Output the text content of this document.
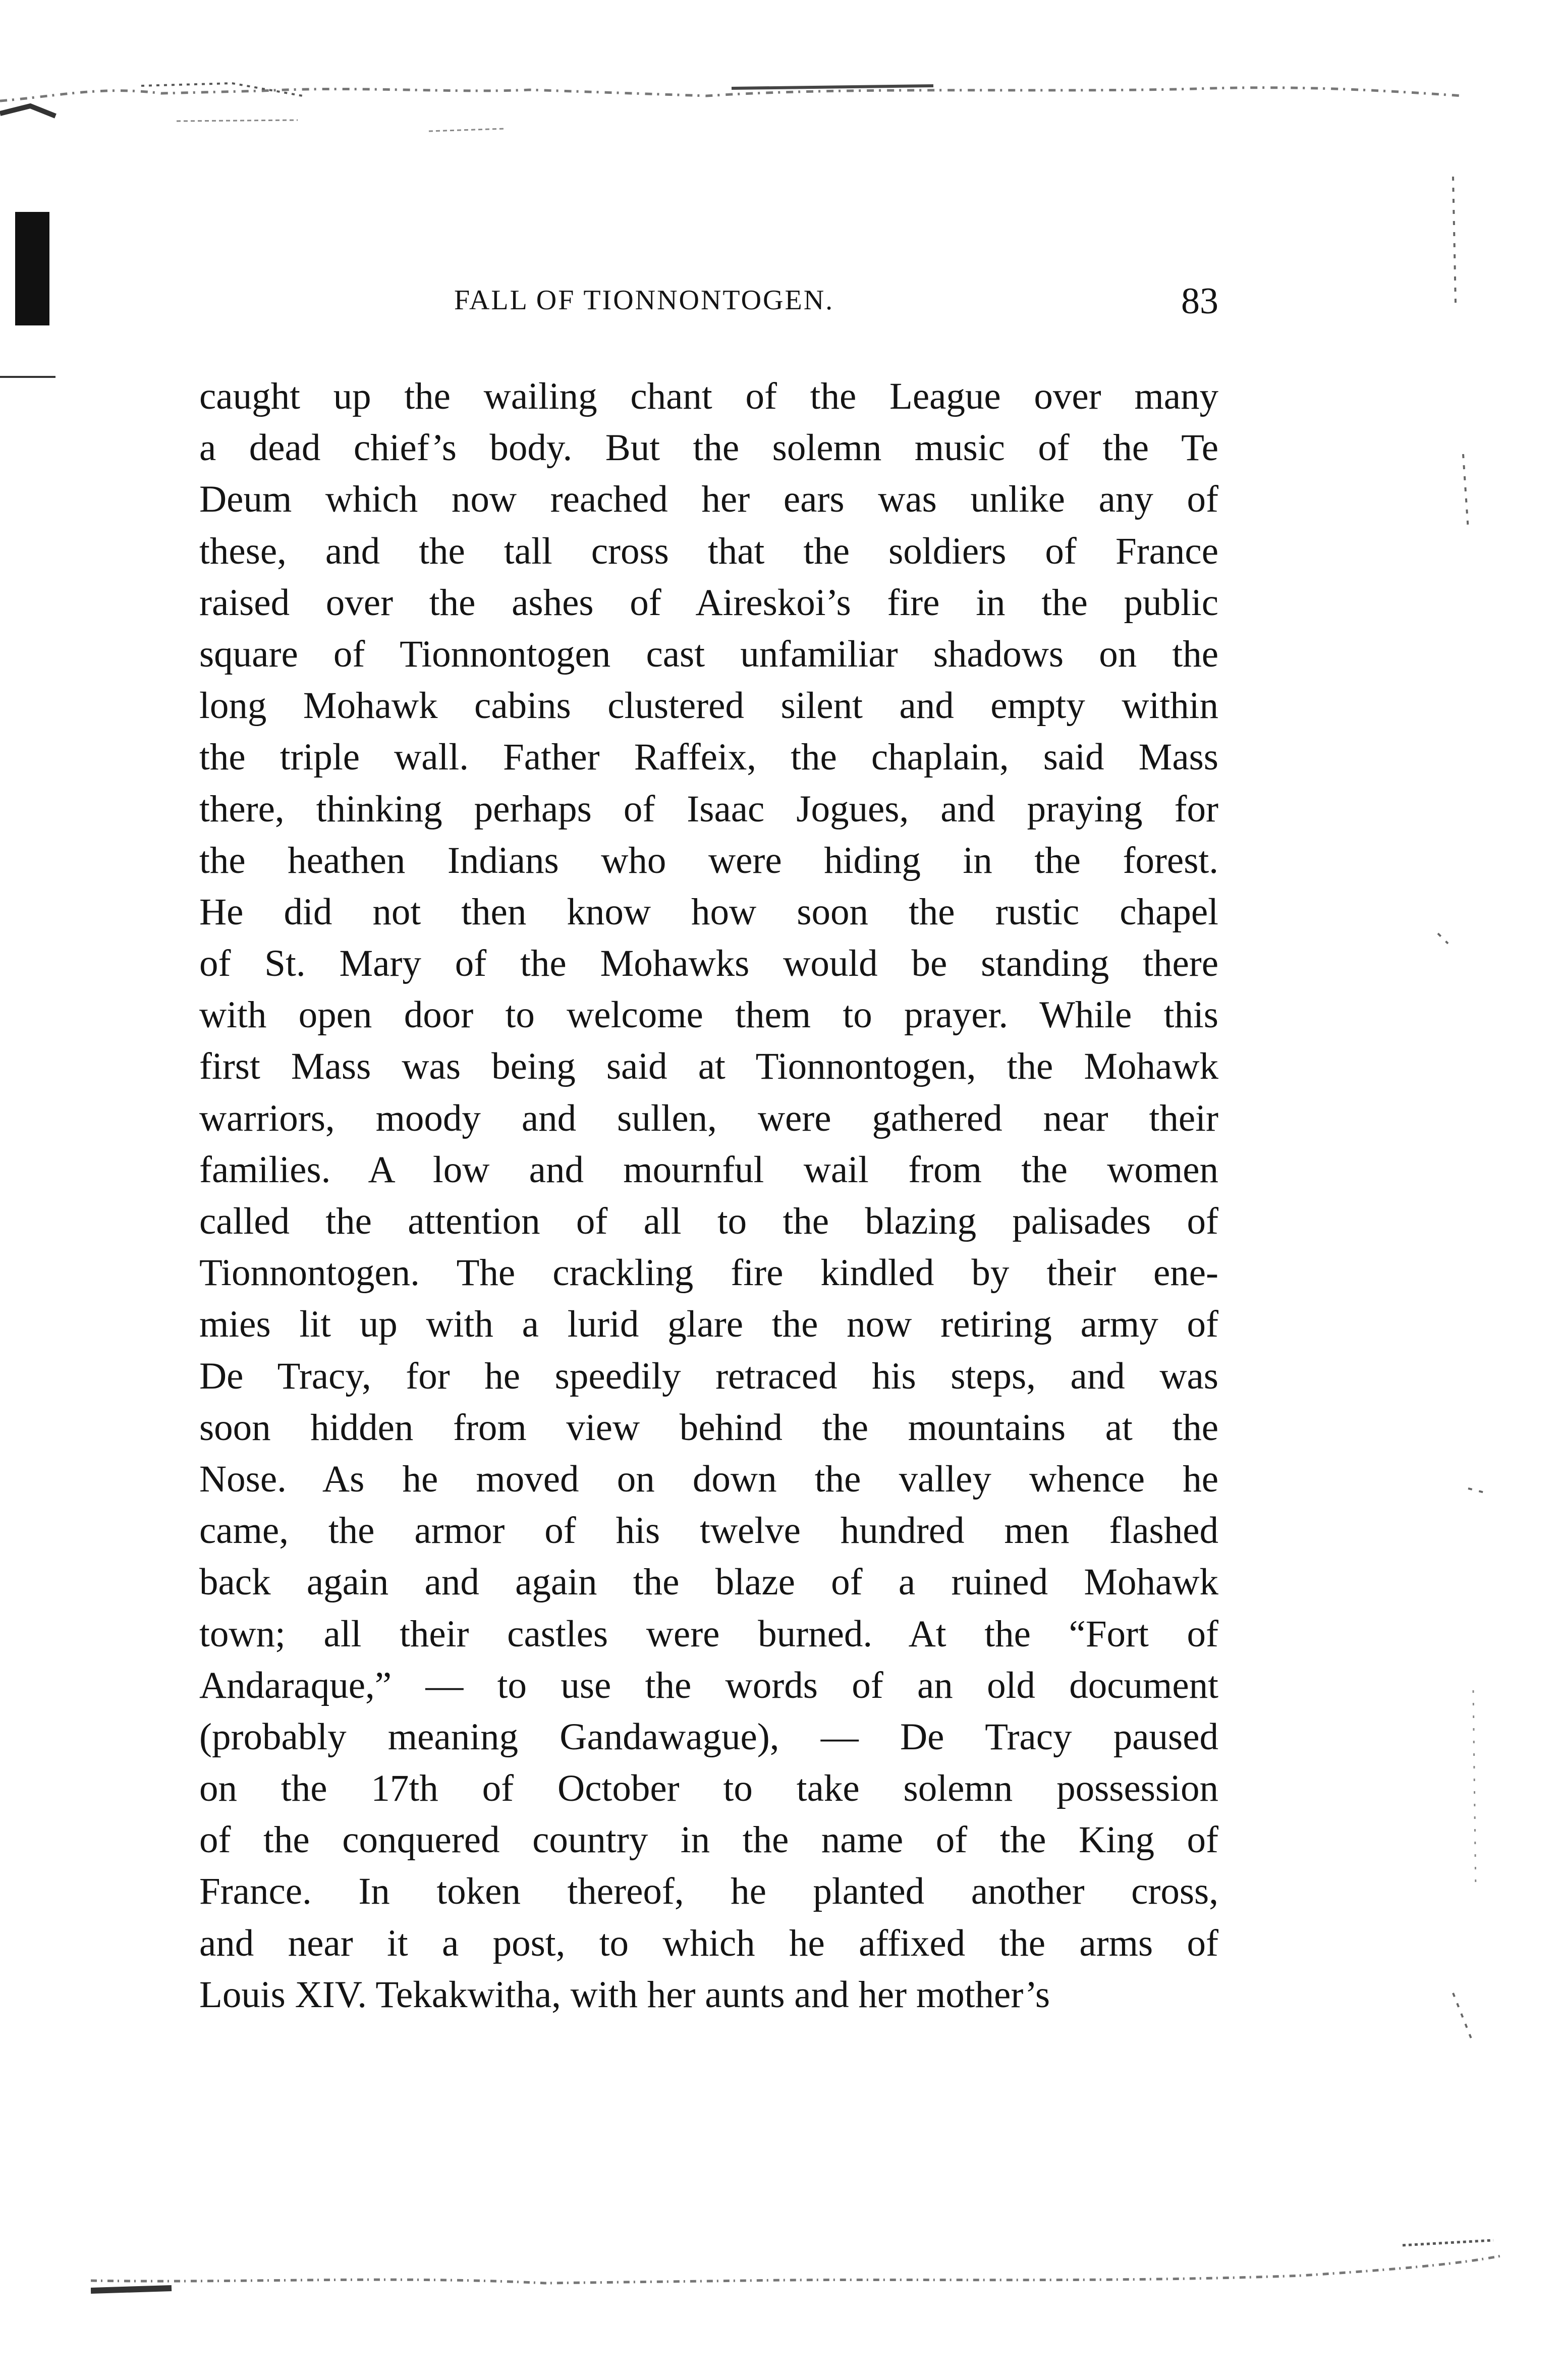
FALL OF TIONNONTOGEN.	83
caught up the wailing chant of the League over many
a dead chief’s body. But the solemn music of the Te
Deum which now reached her ears was unlike any of
these, and the tall cross that the soldiers of France
raised over the ashes of Aireskoi’s fire in the public
square of Tionnontogen cast unfamiliar shadows on the
long Mohawk cabins clustered silent and empty within
the triple wall. Father Raffeix, the chaplain, said Mass
there, thinking perhaps of Isaac Jogues, and praying for
the heathen Indians who were hiding in the forest.
He did not then know how soon the rustic chapel
of St. Mary of the Mohawks would be standing there
with open door to welcome them to prayer. While this
first Mass was being said at Tionnontogen, the Mohawk
warriors, moody and sullen, were gathered near their
families. A low and mournful wail from the women
called the attention of all to the blazing palisades of
Tionnontogen. The crackling fire kindled by their ene-
mies lit up with a lurid glare the now retiring army of
De Tracy, for he speedily retraced his steps, and was
soon hidden from view behind the mountains at the
Nose. As he moved on down the valley whence he
came, the armor of his twelve hundred men flashed
back again and again the blaze of a ruined Mohawk
town; all their castles were burned. At the “Fort of
Andaraque,” — to use the words of an old document
(probably meaning Gandawague), — De Tracy paused
on the 17th of October to take solemn possession
of the conquered country in the name of the King of
France. In token thereof, he planted another cross,
and near it a post, to which he affixed the arms of
Louis XIV. Tekakwitha, with her aunts and her mother’s
